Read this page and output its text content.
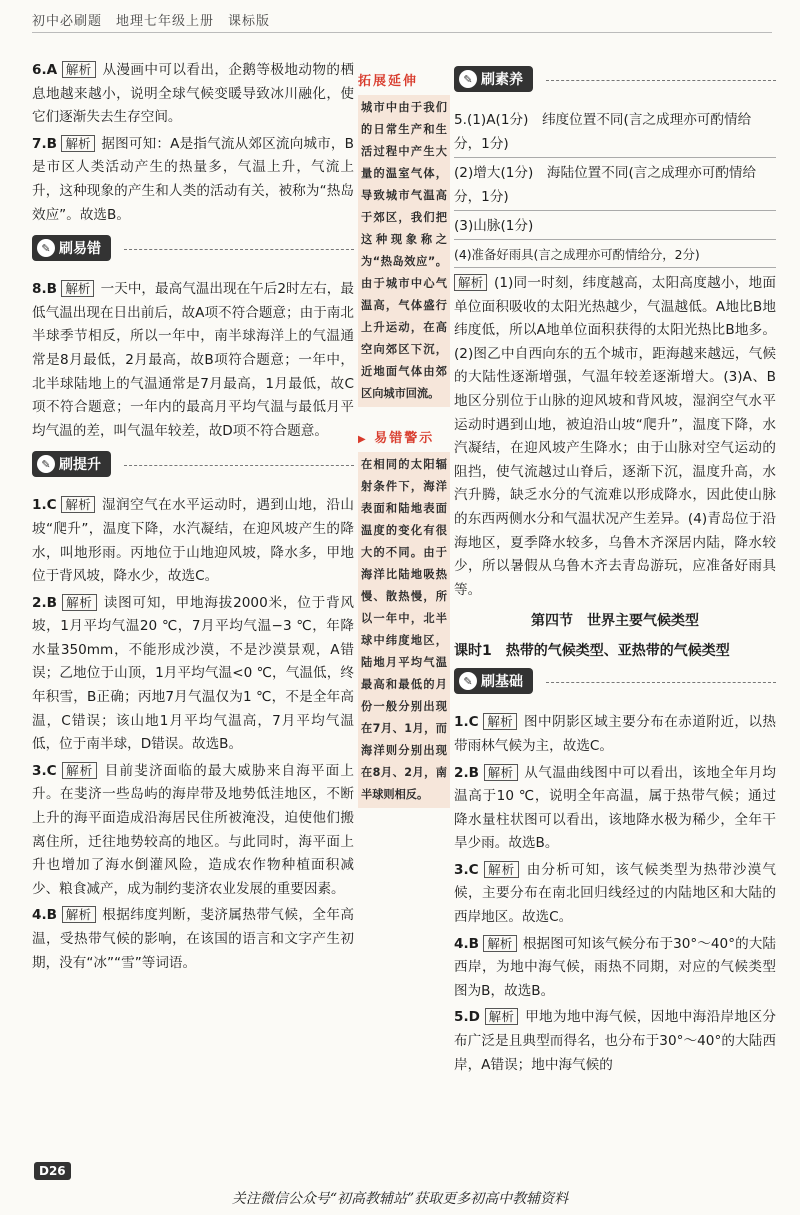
初中必刷题　地理七年级上册　课标版
6.A 解析 从漫画中可以看出，企鹅等极地动物的栖息地越来越小，说明全球气候变暖导致冰川融化，使它们逐渐失去生存空间。
7.B 解析 据图可知：A是指气流从郊区流向城市，B是市区人类活动产生的热量多，气温上升，气流上升，这种现象的产生和人类的活动有关，被称为“热岛效应”。故选B。
✎ 刷易错
8.B 解析 一天中，最高气温出现在午后2时左右，最低气温出现在日出前后，故A项不符合题意；由于南北半球季节相反，所以一年中，南半球海洋上的气温通常是8月最低，2月最高，故B项符合题意；一年中，北半球陆地上的气温通常是7月最高，1月最低，故C项不符合题意；一年内的最高月平均气温与最低月平均气温的差，叫气温年较差，故D项不符合题意。
✎ 刷提升
1.C 解析 湿润空气在水平运动时，遇到山地，沿山坡“爬升”，温度下降，水汽凝结，在迎风坡产生的降水，叫地形雨。丙地位于山地迎风坡，降水多，甲地位于背风坡，降水少，故选C。
2.B 解析 读图可知，甲地海拔2000米，位于背风坡，1月平均气温20 ℃，7月平均气温−3 ℃，年降水量350mm，不能形成沙漠，不是沙漠景观，A错误；乙地位于山顶，1月平均气温<0 ℃，气温低，终年积雪，B正确；丙地7月气温仅为1 ℃，不是全年高温，C错误；该山地1月平均气温高，7月平均气温低，位于南半球，D错误。故选B。
3.C 解析 目前斐济面临的最大威胁来自海平面上升。在斐济一些岛屿的海岸带及地势低洼地区，不断上升的海平面造成沿海居民住所被淹没，迫使他们搬离住所，迁往地势较高的地区。与此同时，海平面上升也增加了海水倒灌风险，造成农作物种植面积减少、粮食减产，成为制约斐济农业发展的重要因素。
4.B 解析 根据纬度判断，斐济属热带气候，全年高温，受热带气候的影响，在该国的语言和文字产生初期，没有“冰”“雪”等词语。
拓展延伸
城市中由于我们的日常生产和生活过程中产生大量的温室气体，导致城市气温高于郊区，我们把这种现象称之为“热岛效应”。由于城市中心气温高，气体盛行上升运动，在高空向郊区下沉，近地面气体由郊区向城市回流。
▶ 易错警示
在相同的太阳辐射条件下，海洋表面和陆地表面温度的变化有很大的不同。由于海洋比陆地吸热慢、散热慢，所以一年中，北半球中纬度地区，陆地月平均气温最高和最低的月份一般分别出现在7月、1月，而海洋则分别出现在8月、2月，南半球则相反。
✎ 刷素养
5.(1)A(1分)　纬度位置不同(言之成理亦可酌情给分，1分)
(2)增大(1分)　海陆位置不同(言之成理亦可酌情给分，1分)
(3)山脉(1分)
(4)准备好雨具(言之成理亦可酌情给分，2分)
解析 (1)同一时刻，纬度越高，太阳高度越小，地面单位面积吸收的太阳光热越少，气温越低。A地比B地纬度低，所以A地单位面积获得的太阳光热比B地多。(2)图乙中自西向东的五个城市，距海越来越远，气候的大陆性逐渐增强，气温年较差逐渐增大。(3)A、B地区分别位于山脉的迎风坡和背风坡，湿润空气水平运动时遇到山地，被迫沿山坡“爬升”，温度下降，水汽凝结，在迎风坡产生降水；由于山脉对空气运动的阻挡，使气流越过山脊后，逐渐下沉，温度升高，水汽升腾，缺乏水分的气流难以形成降水，因此使山脉的东西两侧水分和气温状况产生差异。(4)青岛位于沿海地区，夏季降水较多，乌鲁木齐深居内陆，降水较少，所以暑假从乌鲁木齐去青岛游玩，应准备好雨具等。
第四节　世界主要气候类型
课时1　热带的气候类型、亚热带的气候类型
✎ 刷基础
1.C 解析 图中阴影区域主要分布在赤道附近，以热带雨林气候为主，故选C。
2.B 解析 从气温曲线图中可以看出，该地全年月均温高于10 ℃，说明全年高温，属于热带气候；通过降水量柱状图可以看出，该地降水极为稀少，全年干旱少雨。故选B。
3.C 解析 由分析可知，该气候类型为热带沙漠气候，主要分布在南北回归线经过的内陆地区和大陆的西岸地区。故选C。
4.B 解析 根据图可知该气候分布于30°～40°的大陆西岸，为地中海气候，雨热不同期，对应的气候类型图为B，故选B。
5.D 解析 甲地为地中海气候，因地中海沿岸地区分布广泛是且典型而得名，也分布于30°～40°的大陆西岸，A错误；地中海气候的
D26
关注微信公众号“初高教辅站”获取更多初高中教辅资料
